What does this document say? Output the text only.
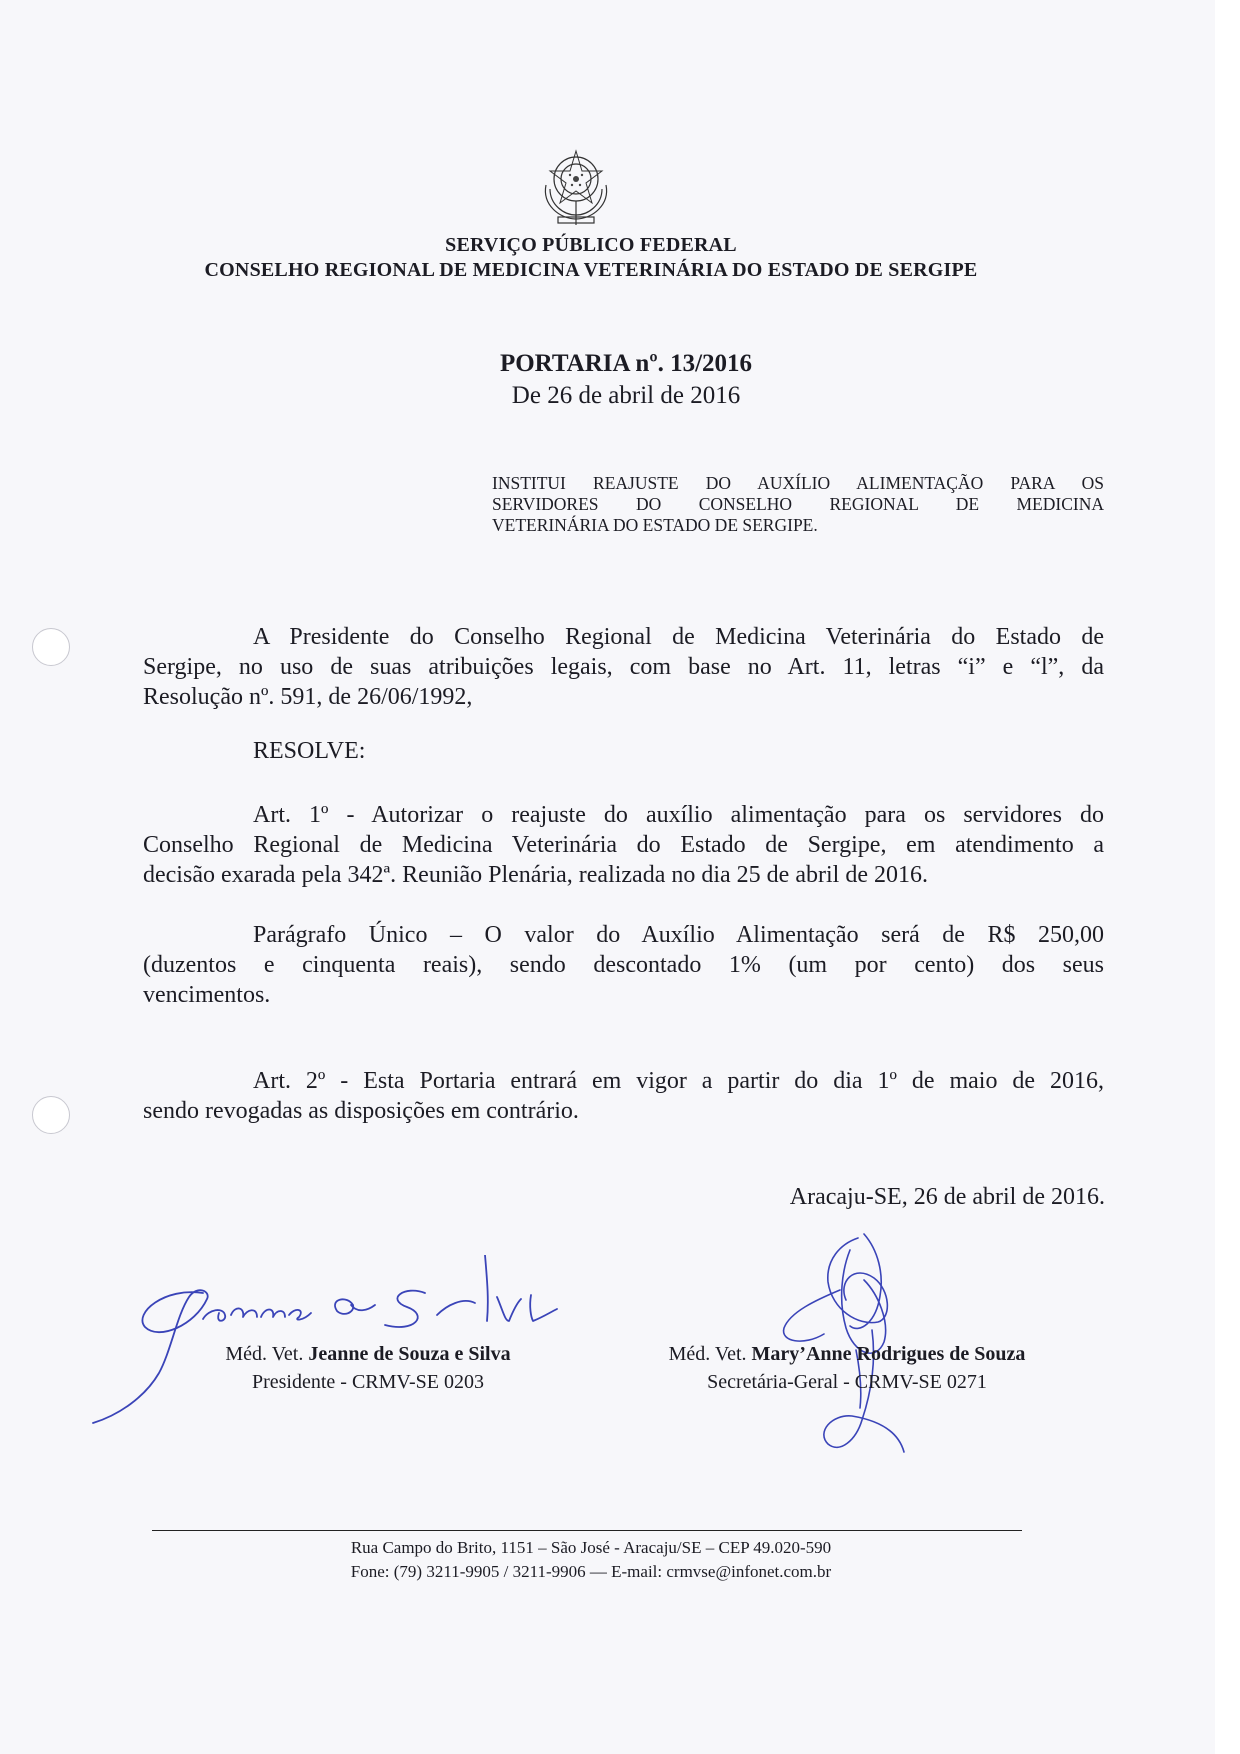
SERVIÇO PÚBLICO FEDERAL
CONSELHO REGIONAL DE MEDICINA VETERINÁRIA DO ESTADO DE SERGIPE
PORTARIA nº. 13/2016
De 26 de abril de 2016
INSTITUI REAJUSTE DO AUXÍLIO ALIMENTAÇÃO PARA OS
SERVIDORES DO CONSELHO REGIONAL DE MEDICINA
VETERINÁRIA DO ESTADO DE SERGIPE.
A Presidente do Conselho Regional de Medicina Veterinária do Estado de
Sergipe, no uso de suas atribuições legais, com base no Art. 11, letras “i” e “l”, da
Resolução nº. 591, de 26/06/1992,
RESOLVE:
Art. 1º - Autorizar o reajuste do auxílio alimentação para os servidores do
Conselho Regional de Medicina Veterinária do Estado de Sergipe, em atendimento a
decisão exarada pela 342ª. Reunião Plenária, realizada no dia 25 de abril de 2016.
Parágrafo Único – O valor do Auxílio Alimentação será de R$ 250,00
(duzentos e cinquenta reais), sendo descontado 1% (um por cento) dos seus
vencimentos.
Art. 2º - Esta Portaria entrará em vigor a partir do dia 1º de maio de 2016,
sendo revogadas as disposições em contrário.
Aracaju-SE, 26 de abril de 2016.
Méd. Vet. Jeanne de Souza e Silva
Presidente - CRMV-SE 0203
Méd. Vet. Mary’Anne Rodrigues de Souza
Secretária-Geral - CRMV-SE 0271
Rua Campo do Brito, 1151 – São José - Aracaju/SE – CEP 49.020-590
Fone: (79) 3211-9905 / 3211-9906 — E-mail: crmvse@infonet.com.br
